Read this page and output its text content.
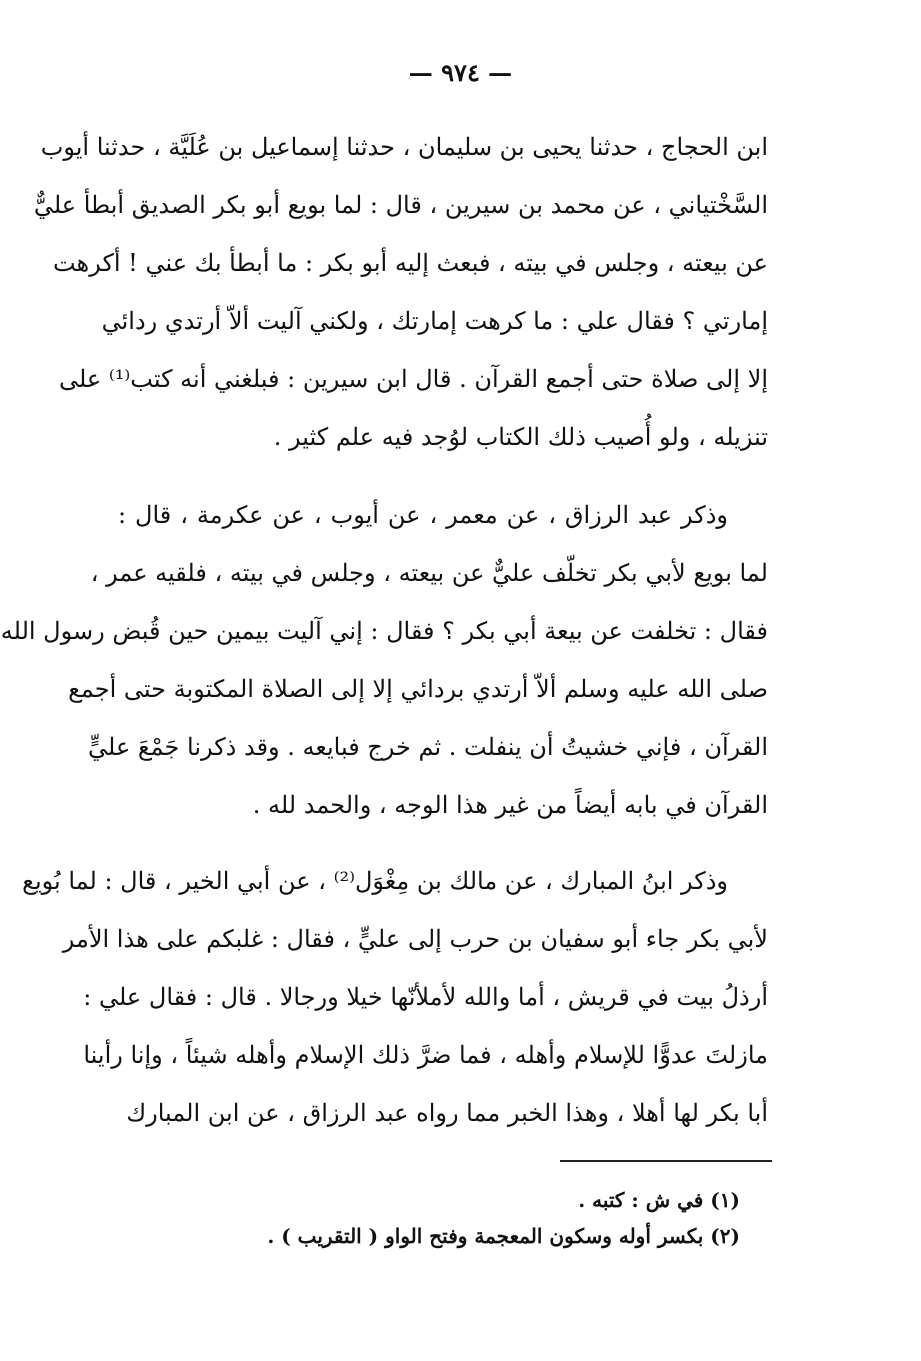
— ٩٧٤ —
ابن الحجاج ، حدثنا يحيى بن سليمان ، حدثنا إسماعيل بن عُلَيَّة ، حدثنا أيوب
السَّخْتياني ، عن محمد بن سيرين ، قال : لما بويع أبو بكر الصديق أبطأ عليٌّ
عن بيعته ، وجلس في بيته ، فبعث إليه أبو بكر : ما أبطأ بك عني ! أكرهت
إمارتي ؟ فقال علي : ما كرهت إمارتك ، ولكني آليت ألاّ أرتدي ردائي
إلا إلى صلاة حتى أجمع القرآن . قال ابن سيرين : فبلغني أنه كتب⁽¹⁾ على
تنزيله ، ولو أُصيب ذلك الكتاب لوُجد فيه علم كثير .
وذكر عبد الرزاق ، عن معمر ، عن أيوب ، عن عكرمة ، قال :
لما بويع لأبي بكر تخلّف عليٌّ عن بيعته ، وجلس في بيته ، فلقيه عمر ،
فقال : تخلفت عن بيعة أبي بكر ؟ فقال : إني آليت بيمين حين قُبض رسول الله
صلى الله عليه وسلم ألاّ أرتدي بردائي إلا إلى الصلاة المكتوبة حتى أجمع
القرآن ، فإني خشيتُ أن ينفلت . ثم خرج فبايعه . وقد ذكرنا جَمْعَ عليٍّ
القرآن في بابه أيضاً من غير هذا الوجه ، والحمد لله .
وذكر ابنُ المبارك ، عن مالك بن مِغْوَل⁽²⁾ ، عن أبي الخير ، قال : لما بُويع
لأبي بكر جاء أبو سفيان بن حرب إلى عليٍّ ، فقال : غلبكم على هذا الأمر
أرذلُ بيت في قريش ، أما والله لأملأنّها خيلا ورجالا . قال : فقال علي :
مازلتَ عدوًّا للإسلام وأهله ، فما ضرَّ ذلك الإسلام وأهله شيئاً ، وإنا رأينا
أبا بكر لها أهلا ، وهذا الخبر مما رواه عبد الرزاق ، عن ابن المبارك
(١) في ش : كتبه .
(٢) بكسر أوله وسكون المعجمة وفتح الواو ( التقريب ) .
